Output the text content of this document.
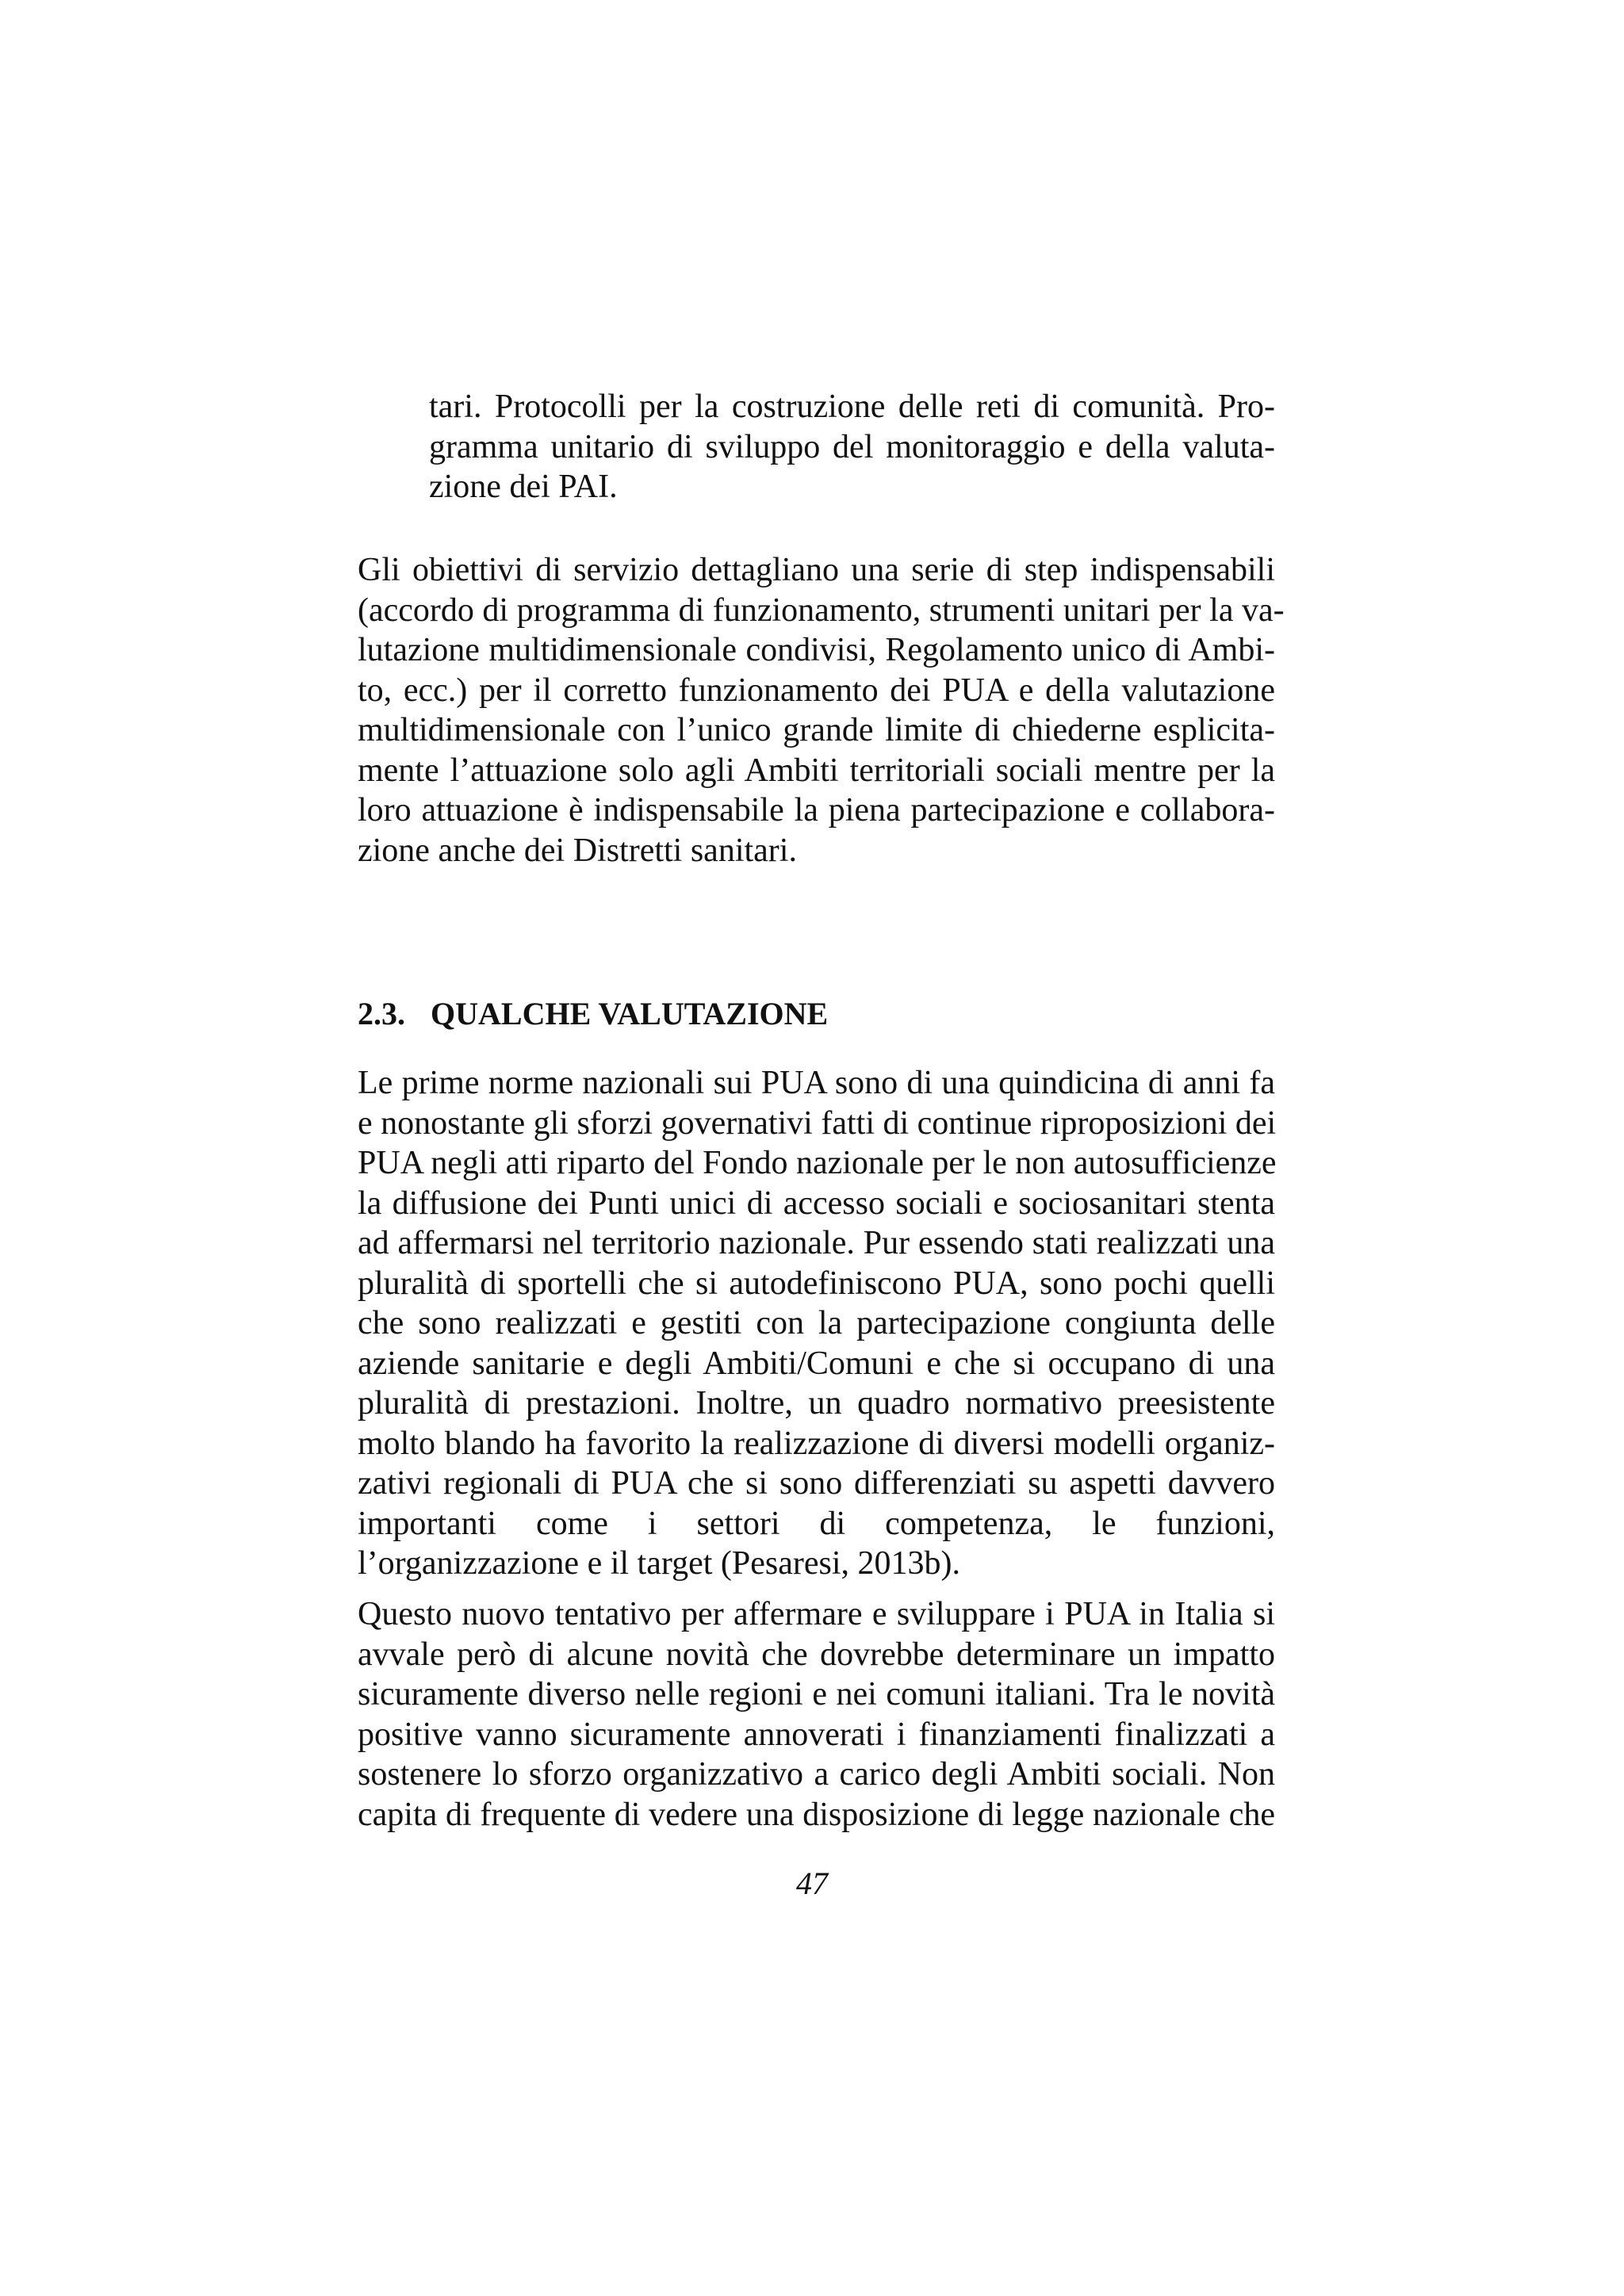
tari. Protocolli per la costruzione delle reti di comunità. Pro-
gramma unitario di sviluppo del monitoraggio e della valuta-
zione dei PAI.
Gli obiettivi di servizio dettagliano una serie di step indispensabili
(accordo di programma di funzionamento, strumenti unitari per la va-
lutazione multidimensionale condivisi, Regolamento unico di Ambi-
to, ecc.) per il corretto funzionamento dei PUA e della valutazione
multidimensionale con l’unico grande limite di chiederne esplicita-
mente l’attuazione solo agli Ambiti territoriali sociali mentre per la
loro attuazione è indispensabile la piena partecipazione e collabora-
zione anche dei Distretti sanitari.
2.3. QUALCHE VALUTAZIONE
Le prime norme nazionali sui PUA sono di una quindicina di anni fa
e nonostante gli sforzi governativi fatti di continue riproposizioni dei
PUA negli atti riparto del Fondo nazionale per le non autosufficienze
la diffusione dei Punti unici di accesso sociali e sociosanitari stenta
ad affermarsi nel territorio nazionale. Pur essendo stati realizzati una
pluralità di sportelli che si autodefiniscono PUA, sono pochi quelli
che sono realizzati e gestiti con la partecipazione congiunta delle
aziende sanitarie e degli Ambiti/Comuni e che si occupano di una
pluralità di prestazioni. Inoltre, un quadro normativo preesistente
molto blando ha favorito la realizzazione di diversi modelli organiz-
zativi regionali di PUA che si sono differenziati su aspetti davvero
importanti come i settori di competenza, le funzioni,
l’organizzazione e il target (Pesaresi, 2013b).
Questo nuovo tentativo per affermare e sviluppare i PUA in Italia si
avvale però di alcune novità che dovrebbe determinare un impatto
sicuramente diverso nelle regioni e nei comuni italiani. Tra le novità
positive vanno sicuramente annoverati i finanziamenti finalizzati a
sostenere lo sforzo organizzativo a carico degli Ambiti sociali. Non
capita di frequente di vedere una disposizione di legge nazionale che
47
